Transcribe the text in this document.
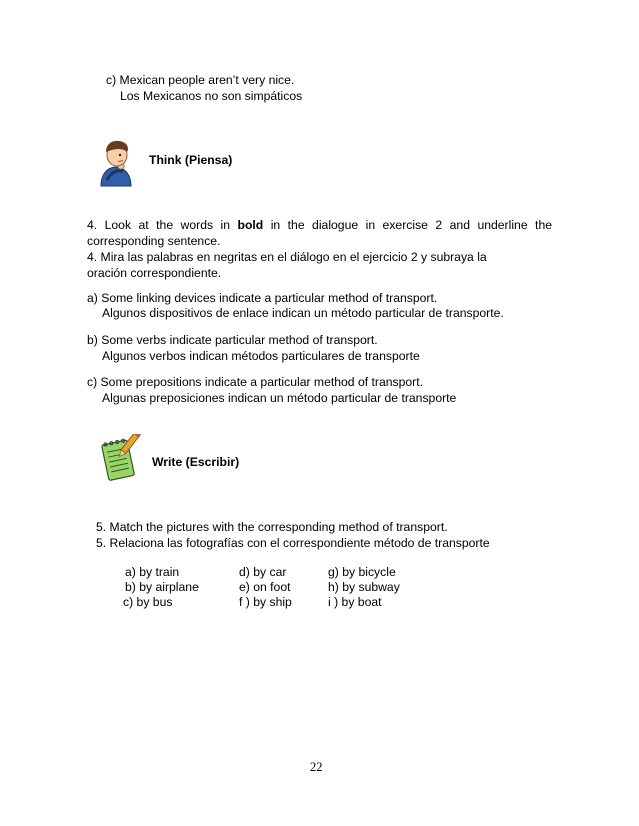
c) Mexican people aren’t very nice.
Los Mexicanos no son simpáticos
Think (Piensa)
4. Look at the words in bold in the dialogue in exercise 2 and underline the
corresponding sentence.
4. Mira las palabras en negritas en el diálogo en el ejercicio 2 y subraya la
oración correspondiente.
a) Some linking devices indicate a particular method of transport.
Algunos dispositivos de enlace indican un método particular de transporte.
b) Some verbs indicate particular method of transport.
Algunos verbos indican métodos particulares de transporte
c) Some prepositions indicate a particular method of transport.
Algunas preposiciones indican un método particular de transporte
Write (Escribir)
5. Match the pictures with the corresponding method of transport.
5. Relaciona las fotografías con el correspondiente método de transporte
a) by train
b) by airplane
c) by bus
d) by car
e) on foot
f ) by ship
g) by bicycle
h) by subway
i ) by boat
22
